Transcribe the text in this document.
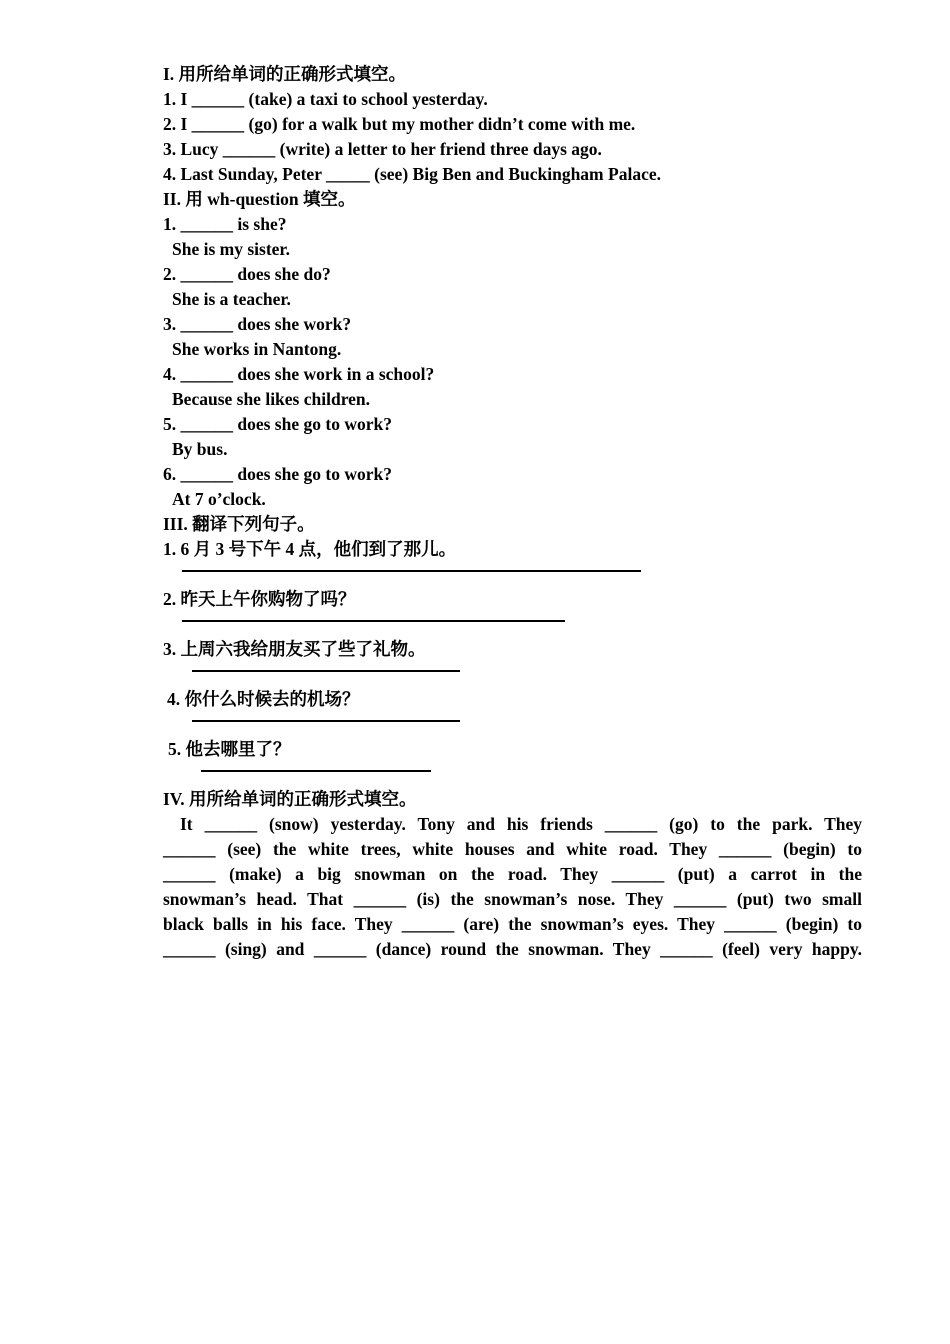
I. 用所给单词的正确形式填空。
1. I ______ (take) a taxi to school yesterday.
2. I ______ (go) for a walk but my mother didn’t come with me.
3. Lucy ______ (write) a letter to her friend three days ago.
4. Last Sunday, Peter _____ (see) Big Ben and Buckingham Palace.
II. 用 wh-question 填空。
1. ______ is she?
She is my sister.
2. ______ does she do?
She is a teacher.
3. ______ does she work?
She works in Nantong.
4. ______ does she work in a school?
Because she likes children.
5. ______ does she go to work?
By bus.
6. ______ does she go to work?
At 7 o’clock.
III. 翻译下列句子。
1. 6 月 3 号下午 4 点，他们到了那儿。
2. 昨天上午你购物了吗？
3. 上周六我给朋友买了些了礼物。
4. 你什么时候去的机场？
5. 他去哪里了？
IV. 用所给单词的正确形式填空。
It ______ (snow) yesterday. Tony and his friends ______ (go) to the park. They
______ (see) the white trees, white houses and white road. They ______ (begin) to
______ (make) a big snowman on the road. They ______ (put) a carrot in the
snowman’s head. That ______ (is) the snowman’s nose. They ______ (put) two small
black balls in his face. They ______ (are) the snowman’s eyes. They ______ (begin) to
______ (sing) and ______ (dance) round the snowman. They ______ (feel) very happy.
